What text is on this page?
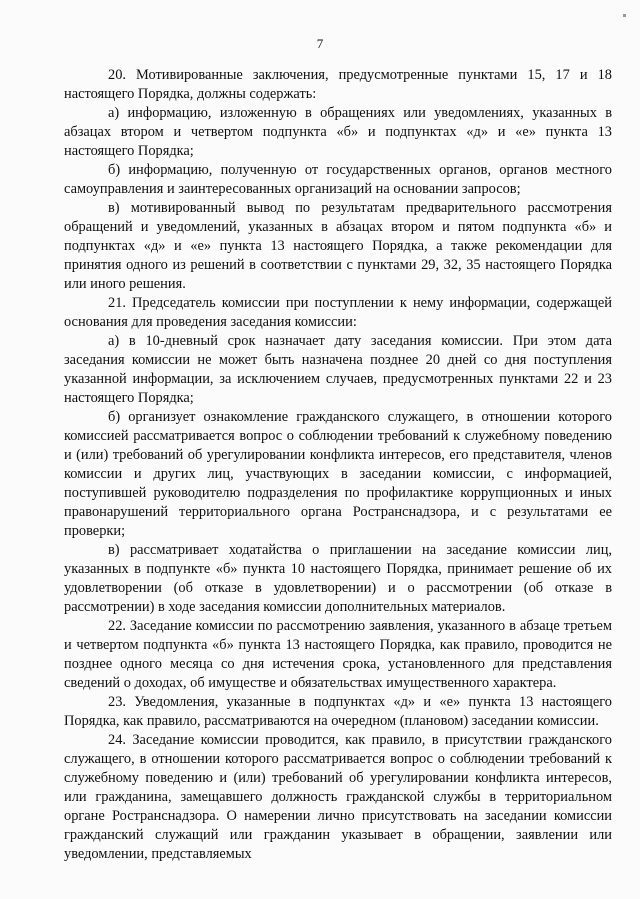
7

20. Мотивированные заключения, предусмотренные пунктами 15, 17 и 18 настоящего Порядка, должны содержать:

а) информацию, изложенную в обращениях или уведомлениях, указанных в абзацах втором и четвертом подпункта «б» и подпунктах «д» и «е» пункта 13 настоящего Порядка;

б) информацию, полученную от государственных органов, органов местного самоуправления и заинтересованных организаций на основании запросов;

в) мотивированный вывод по результатам предварительного рассмотрения обращений и уведомлений, указанных в абзацах втором и пятом подпункта «б» и подпунктах «д» и «е» пункта 13 настоящего Порядка, а также рекомендации для принятия одного из решений в соответствии с пунктами 29, 32, 35 настоящего Порядка или иного решения.

21. Председатель комиссии при поступлении к нему информации, содержащей основания для проведения заседания комиссии:

а) в 10-дневный срок назначает дату заседания комиссии. При этом дата заседания комиссии не может быть назначена позднее 20 дней со дня поступления указанной информации, за исключением случаев, предусмотренных пунктами 22 и 23 настоящего Порядка;

б) организует ознакомление гражданского служащего, в отношении которого комиссией рассматривается вопрос о соблюдении требований к служебному поведению и (или) требований об урегулировании конфликта интересов, его представителя, членов комиссии и других лиц, участвующих в заседании комиссии, с информацией, поступившей руководителю подразделения по профилактике коррупционных и иных правонарушений территориального органа Ространснадзора, и с результатами ее проверки;

в) рассматривает ходатайства о приглашении на заседание комиссии лиц, указанных в подпункте «б» пункта 10 настоящего Порядка, принимает решение об их удовлетворении (об отказе в удовлетворении) и о рассмотрении (об отказе в рассмотрении) в ходе заседания комиссии дополнительных материалов.

22. Заседание комиссии по рассмотрению заявления, указанного в абзаце третьем и четвертом подпункта «б» пункта 13 настоящего Порядка, как правило, проводится не позднее одного месяца со дня истечения срока, установленного для представления сведений о доходах, об имуществе и обязательствах имущественного характера.

23. Уведомления, указанные в подпунктах «д» и «е» пункта 13 настоящего Порядка, как правило, рассматриваются на очередном (плановом) заседании комиссии.

24. Заседание комиссии проводится, как правило, в присутствии гражданского служащего, в отношении которого рассматривается вопрос о соблюдении требований к служебному поведению и (или) требований об урегулировании конфликта интересов, или гражданина, замещавшего должность гражданской службы в территориальном органе Ространснадзора. О намерении лично присутствовать на заседании комиссии гражданский служащий или гражданин указывает в обращении, заявлении или уведомлении, представляемых
